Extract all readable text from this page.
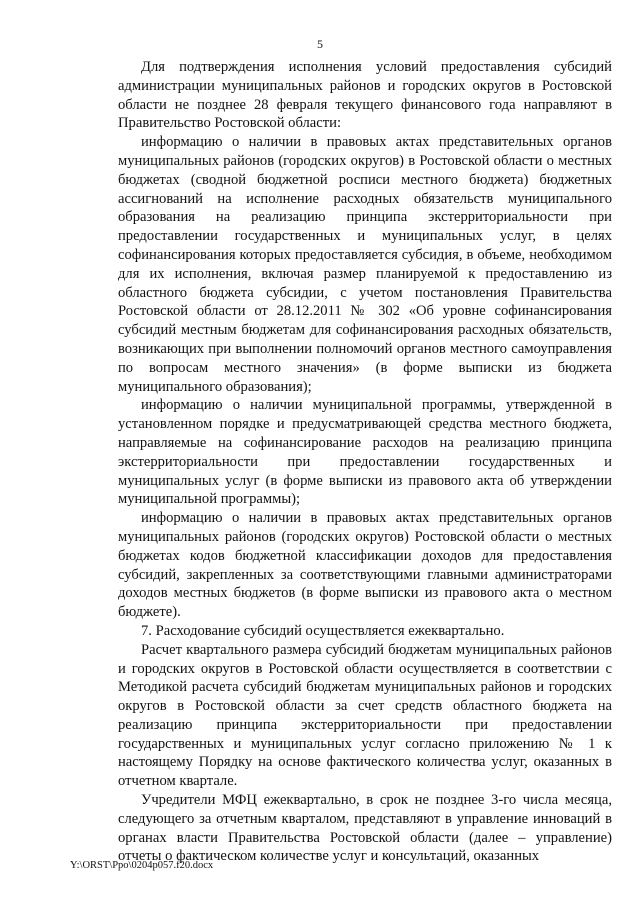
5

Для подтверждения исполнения условий предоставления субсидий администрации муниципальных районов и городских округов в Ростовской области не позднее 28 февраля текущего финансового года направляют в Правительство Ростовской области:

информацию о наличии в правовых актах представительных органов муниципальных районов (городских округов) в Ростовской области о местных бюджетах (сводной бюджетной росписи местного бюджета) бюджетных ассигнований на исполнение расходных обязательств муниципального образования на реализацию принципа экстерриториальности при предоставлении государственных и муниципальных услуг, в целях софинансирования которых предоставляется субсидия, в объеме, необходимом для их исполнения, включая размер планируемой к предоставлению из областного бюджета субсидии, с учетом постановления Правительства Ростовской области от 28.12.2011 № 302 «Об уровне софинансирования субсидий местным бюджетам для софинансирования расходных обязательств, возникающих при выполнении полномочий органов местного самоуправления по вопросам местного значения» (в форме выписки из бюджета муниципального образования);

информацию о наличии муниципальной программы, утвержденной в установленном порядке и предусматривающей средства местного бюджета, направляемые на софинансирование расходов на реализацию принципа экстерриториальности при предоставлении государственных и муниципальных услуг (в форме выписки из правового акта об утверждении муниципальной программы);

информацию о наличии в правовых актах представительных органов муниципальных районов (городских округов) Ростовской области о местных бюджетах кодов бюджетной классификации доходов для предоставления субсидий, закрепленных за соответствующими главными администраторами доходов местных бюджетов (в форме выписки из правового акта о местном бюджете).

7. Расходование субсидий осуществляется ежеквартально.

Расчет квартального размера субсидий бюджетам муниципальных районов и городских округов в Ростовской области осуществляется в соответствии с Методикой расчета субсидий бюджетам муниципальных районов и городских округов в Ростовской области за счет средств областного бюджета на реализацию принципа экстерриториальности при предоставлении государственных и муниципальных услуг согласно приложению № 1 к настоящему Порядку на основе фактического количества услуг, оказанных в отчетном квартале.

Учредители МФЦ ежеквартально, в срок не позднее 3-го числа месяца, следующего за отчетным кварталом, представляют в управление инноваций в органах власти Правительства Ростовской области (далее – управление) отчеты о фактическом количестве услуг и консультаций, оказанных

Y:\ORST\Ppo\0204p057.f20.docx
